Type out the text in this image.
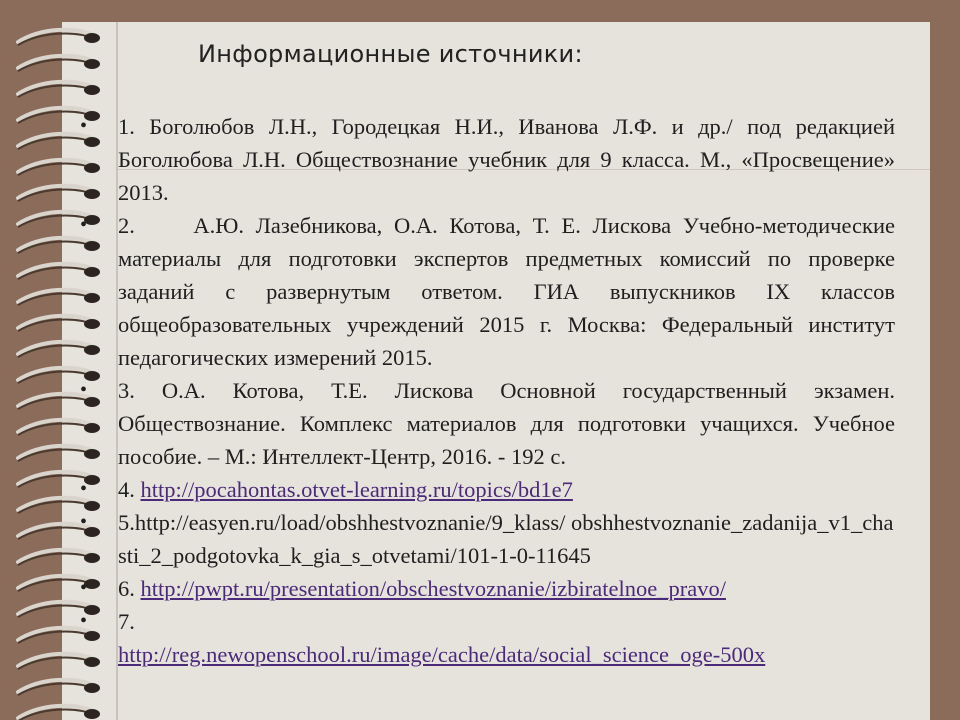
Информационные источники:
• 1. Боголюбов Л.Н., Городецкая Н.И., Иванова Л.Ф. и др./ под редакцией Боголюбова Л.Н. Обществознание учебник для 9 класса. М., «Просвещение» 2013.
• 2.     А.Ю. Лазебникова, О.А. Котова, Т. Е. Лискова Учебно-методические материалы для подготовки экспертов предметных комиссий по проверке заданий с развернутым ответом. ГИА выпускников IX классов общеобразовательных учреждений 2015 г. Москва: Федеральный институт педагогических измерений 2015.
• 3. О.А. Котова, Т.Е. Лискова Основной государственный экзамен. Обществознание. Комплекс материалов для подготовки учащихся. Учебное пособие. – М.: Интеллект-Центр, 2016. - 192 с.
• 4. http://pocahontas.otvet-learning.ru/topics/bd1e7
• 5.http://easyen.ru/load/obshhestvoznanie/9_klass/ obshhestvoznanie_zadanija_v1_chasti_2_podgotovka_k_gia_s_otvetami/101-1-0-11645
• 6. http://pwpt.ru/presentation/obschestvoznanie/izbiratelnoe_pravo/
• 7.
http://reg.newopenschool.ru/image/cache/data/social_science_oge-500x
